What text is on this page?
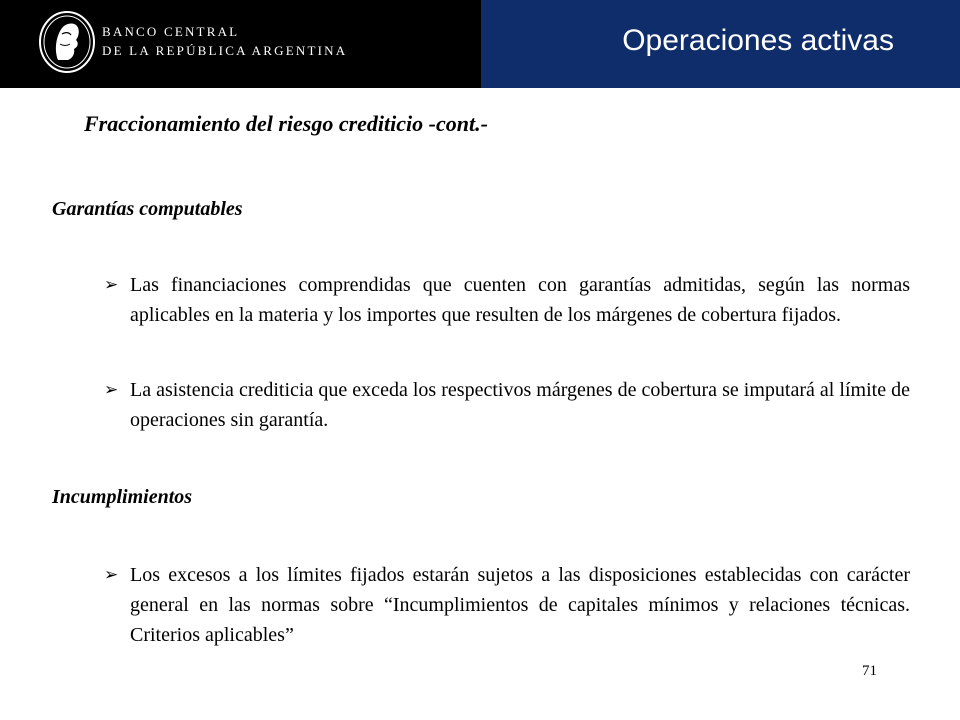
BANCO CENTRAL
DE LA REPÚBLICA ARGENTINA	Operaciones activas
Fraccionamiento del riesgo crediticio -cont.-
Garantías computables
➢ Las financiaciones comprendidas que cuenten con garantías admitidas, según las normas aplicables en la materia y los importes que resulten de los márgenes de cobertura fijados.
➢ La asistencia crediticia que exceda los respectivos márgenes de cobertura se imputará al límite de operaciones sin garantía.
Incumplimientos
➢ Los excesos a los límites fijados estarán sujetos a las disposiciones establecidas con carácter general en las normas sobre “Incumplimientos de capitales mínimos y relaciones técnicas. Criterios aplicables”
71
